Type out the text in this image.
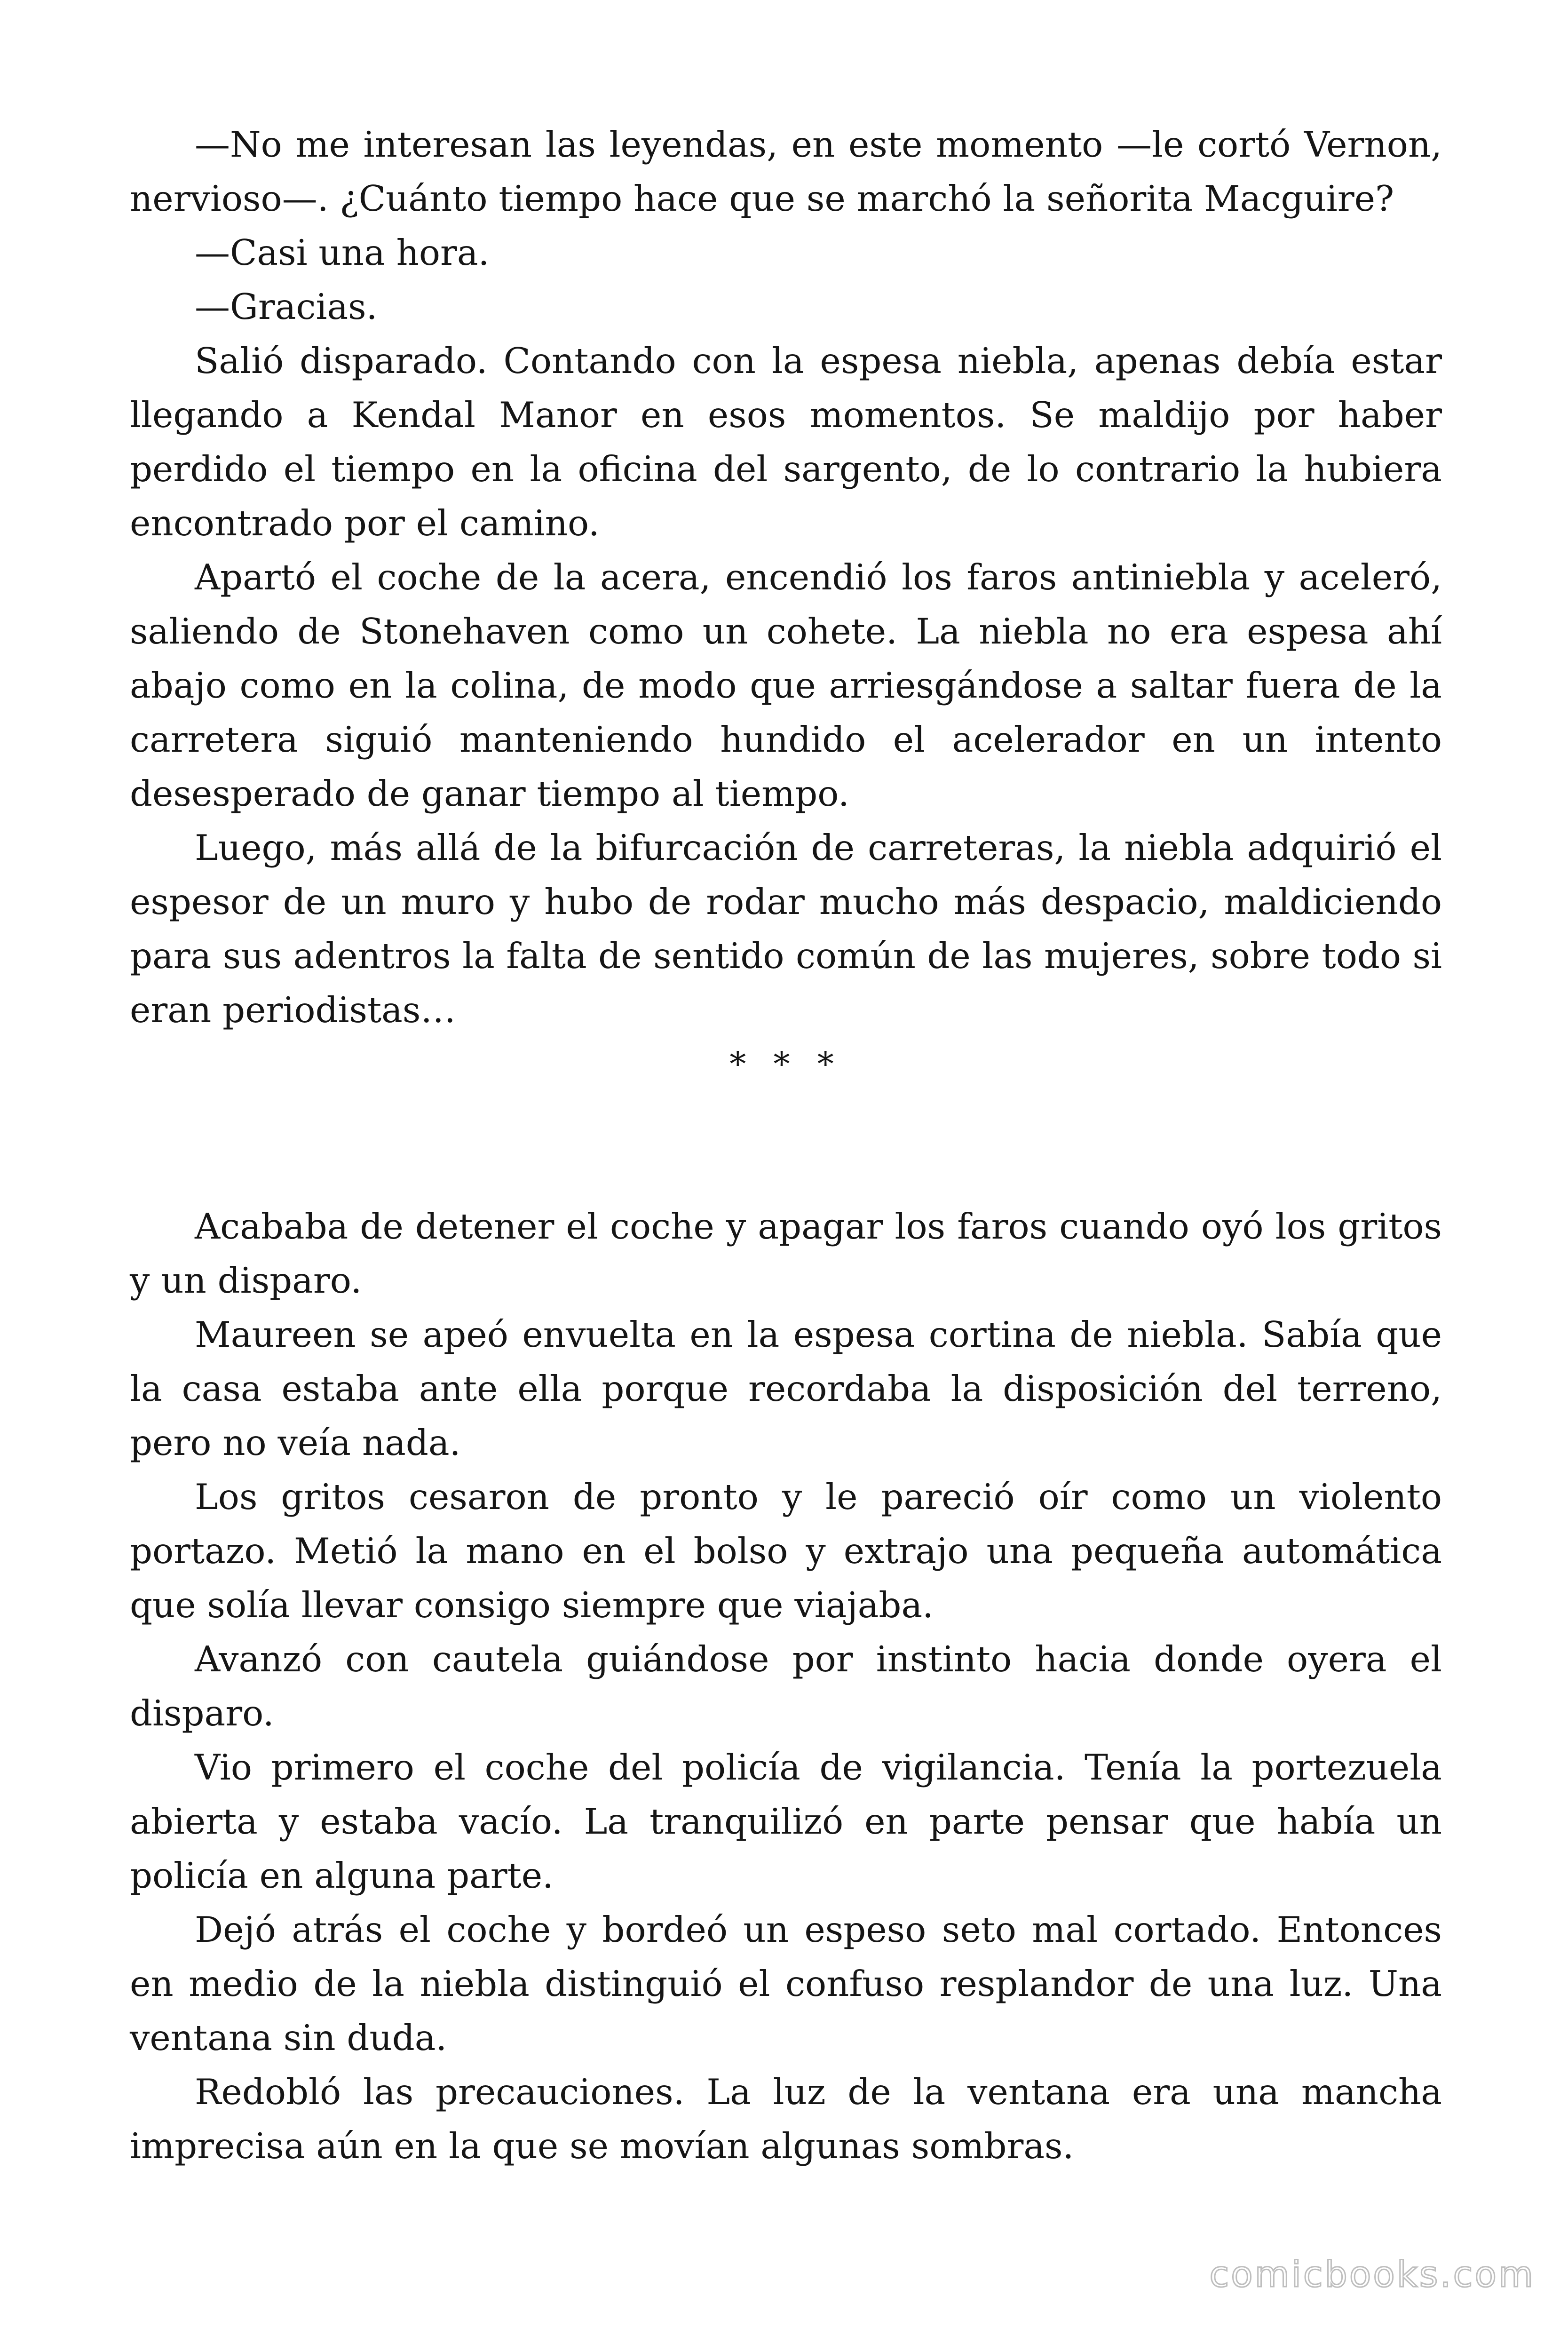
—No me interesan las leyendas, en este momento —le cortó Vernon, nervioso—. ¿Cuánto tiempo hace que se marchó la señorita Macguire?

—Casi una hora.

—Gracias.

Salió disparado. Contando con la espesa niebla, apenas debía estar llegando a Kendal Manor en esos momentos. Se maldijo por haber perdido el tiempo en la oficina del sargento, de lo contrario la hubiera encontrado por el camino.

Apartó el coche de la acera, encendió los faros antiniebla y aceleró, saliendo de Stonehaven como un cohete. La niebla no era espesa ahí abajo como en la colina, de modo que arriesgándose a saltar fuera de la carretera siguió manteniendo hundido el acelerador en un intento desesperado de ganar tiempo al tiempo.

Luego, más allá de la bifurcación de carreteras, la niebla adquirió el espesor de un muro y hubo de rodar mucho más despacio, maldiciendo para sus adentros la falta de sentido común de las mujeres, sobre todo si eran periodistas…

* * *

Acababa de detener el coche y apagar los faros cuando oyó los gritos y un disparo.

Maureen se apeó envuelta en la espesa cortina de niebla. Sabía que la casa estaba ante ella porque recordaba la disposición del terreno, pero no veía nada.

Los gritos cesaron de pronto y le pareció oír como un violento portazo. Metió la mano en el bolso y extrajo una pequeña automática que solía llevar consigo siempre que viajaba.

Avanzó con cautela guiándose por instinto hacia donde oyera el disparo.

Vio primero el coche del policía de vigilancia. Tenía la portezuela abierta y estaba vacío. La tranquilizó en parte pensar que había un policía en alguna parte.

Dejó atrás el coche y bordeó un espeso seto mal cortado. Entonces en medio de la niebla distinguió el confuso resplandor de una luz. Una ventana sin duda.

Redobló las precauciones. La luz de la ventana era una mancha imprecisa aún en la que se movían algunas sombras.

comicbooks.com
